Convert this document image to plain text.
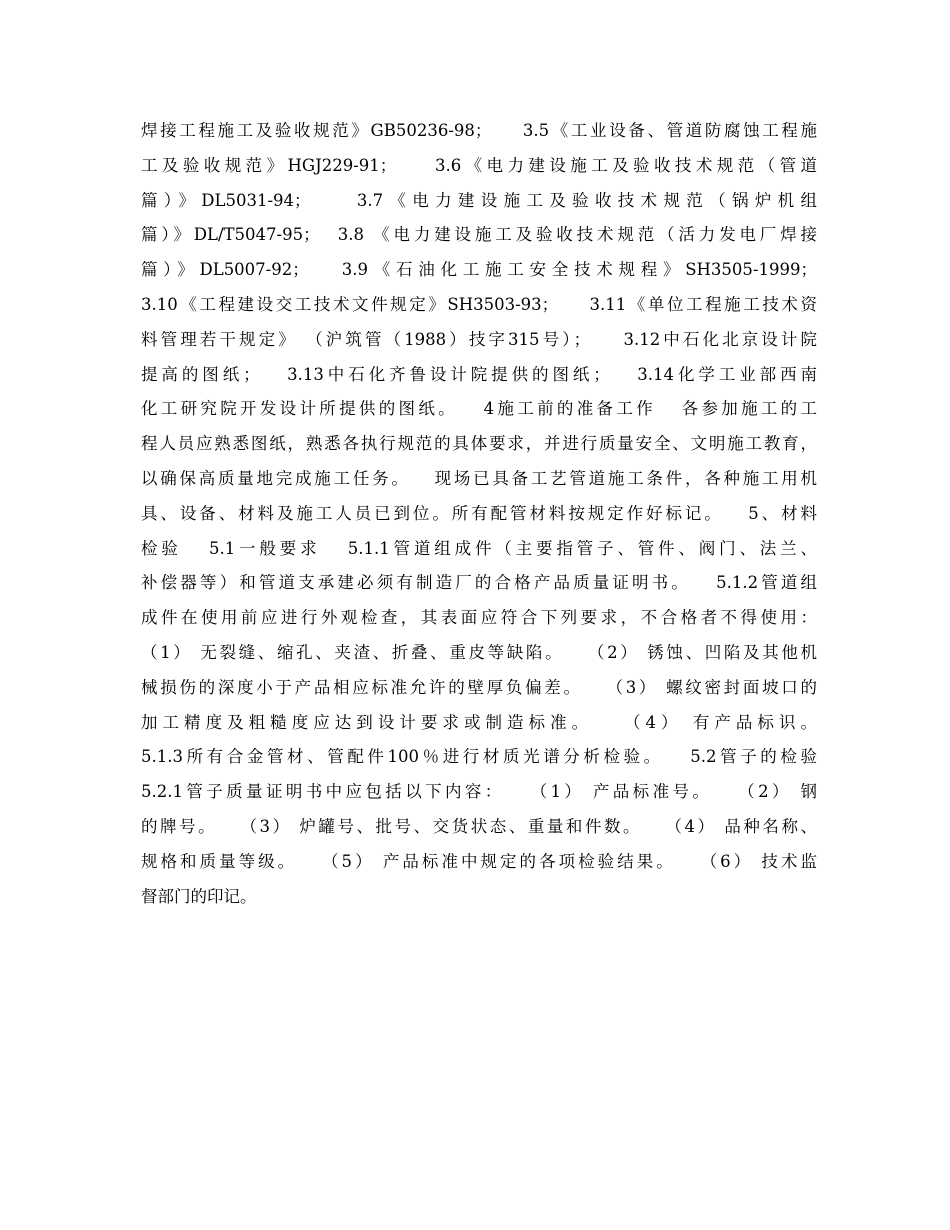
焊接工程施工及验收规范》GB50236-98；    3.5《工业设备、管道防腐蚀工程施
工及验收规范》HGJ229-91；    3.6《电力建设施工及验收技术规范（管道
篇）》DL5031-94；    3.7《电力建设施工及验收技术规范（锅炉机组
篇）》DL/T5047-95；  3.8 《电力建设施工及验收技术规范（活力发电厂焊接
篇）》DL5007-92；   3.9《石油化工施工安全技术规程》SH3505-1999；
3.10《工程建设交工技术文件规定》SH3503-93；    3.11《单位工程施工技术资
料管理若干规定》 （沪筑管（1988）技字315号）；    3.12中石化北京设计院
提高的图纸；   3.13中石化齐鲁设计院提供的图纸；   3.14化学工业部西南
化工研究院开发设计所提供的图纸。   4施工前的准备工作   各参加施工的工
程人员应熟悉图纸，熟悉各执行规范的具体要求，并进行质量安全、文明施工教育，
以确保高质量地完成施工任务。   现场已具备工艺管道施工条件，各种施工用机
具、设备、材料及施工人员已到位。所有配管材料按规定作好标记。   5、材料
检验   5.1一般要求   5.1.1管道组成件（主要指管子、管件、阀门、法兰、
补偿器等）和管道支承建必须有制造厂的合格产品质量证明书。   5.1.2管道组
成件在使用前应进行外观检查，其表面应符合下列要求，不合格者不得使用：
（1） 无裂缝、缩孔、夹渣、折叠、重皮等缺陷。   （2） 锈蚀、凹陷及其他机
械损伤的深度小于产品相应标准允许的壁厚负偏差。   （3） 螺纹密封面坡口的
加工精度及粗糙度应达到设计要求或制造标准。   （4） 有产品标识。
5.1.3所有合金管材、管配件100％进行材质光谱分析检验。   5.2管子的检验
5.2.1管子质量证明书中应包括以下内容：   （1） 产品标准号。   （2） 钢
的牌号。   （3） 炉罐号、批号、交货状态、重量和件数。   （4） 品种名称、
规格和质量等级。   （5） 产品标准中规定的各项检验结果。   （6） 技术监
督部门的印记。
